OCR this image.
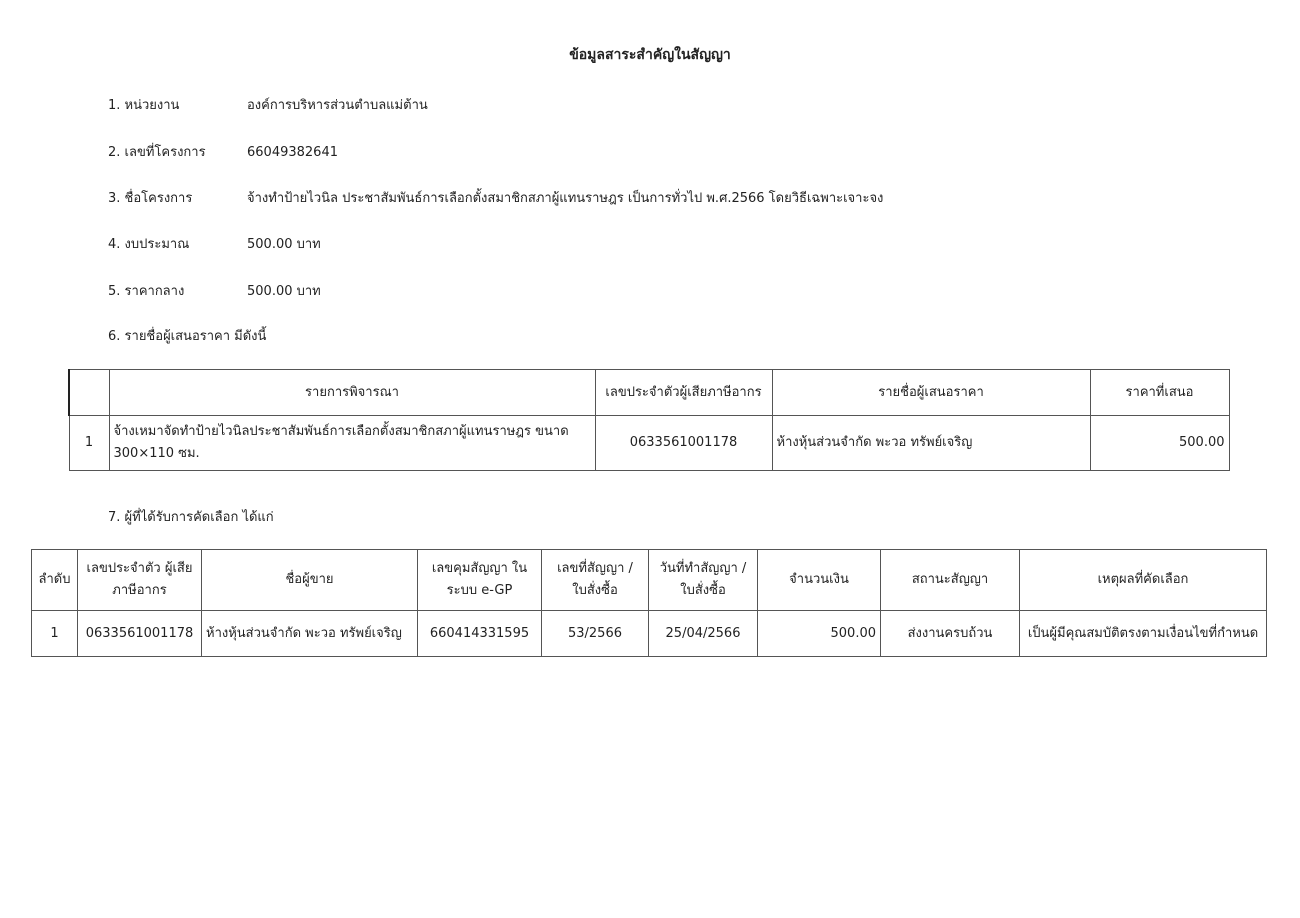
ข้อมูลสาระสำคัญในสัญญา
1. หน่วยงาน	องค์การบริหารส่วนตำบลแม่ต้าน
2. เลขที่โครงการ	66049382641
3. ชื่อโครงการ	จ้างทำป้ายไวนิล ประชาสัมพันธ์การเลือกตั้งสมาชิกสภาผู้แทนราษฎร เป็นการทั่วไป พ.ศ.2566 โดยวิธีเฉพาะเจาะจง
4. งบประมาณ	500.00 บาท
5. ราคากลาง	500.00 บาท
6. รายชื่อผู้เสนอราคา มีดังนี้
	รายการพิจารณา	เลขประจำตัวผู้เสียภาษีอากร	รายชื่อผู้เสนอราคา	ราคาที่เสนอ
1	จ้างเหมาจัดทำป้ายไวนิลประชาสัมพันธ์การเลือกตั้งสมาชิกสภาผู้แทนราษฎร ขนาด 300×110 ซม.	0633561001178	ห้างหุ้นส่วนจำกัด พะวอ ทรัพย์เจริญ	500.00
7. ผู้ที่ได้รับการคัดเลือก ได้แก่
ลำดับ	เลขประจำตัว ผู้เสียภาษีอากร	ชื่อผู้ขาย	เลขคุมสัญญา ในระบบ e-GP	เลขที่สัญญา / ใบสั่งซื้อ	วันที่ทำสัญญา / ใบสั่งซื้อ	จำนวนเงิน	สถานะสัญญา	เหตุผลที่คัดเลือก
1	0633561001178	ห้างหุ้นส่วนจำกัด พะวอ ทรัพย์เจริญ	660414331595	53/2566	25/04/2566	500.00	ส่งงานครบถ้วน	เป็นผู้มีคุณสมบัติตรงตามเงื่อนไขที่กำหนด
